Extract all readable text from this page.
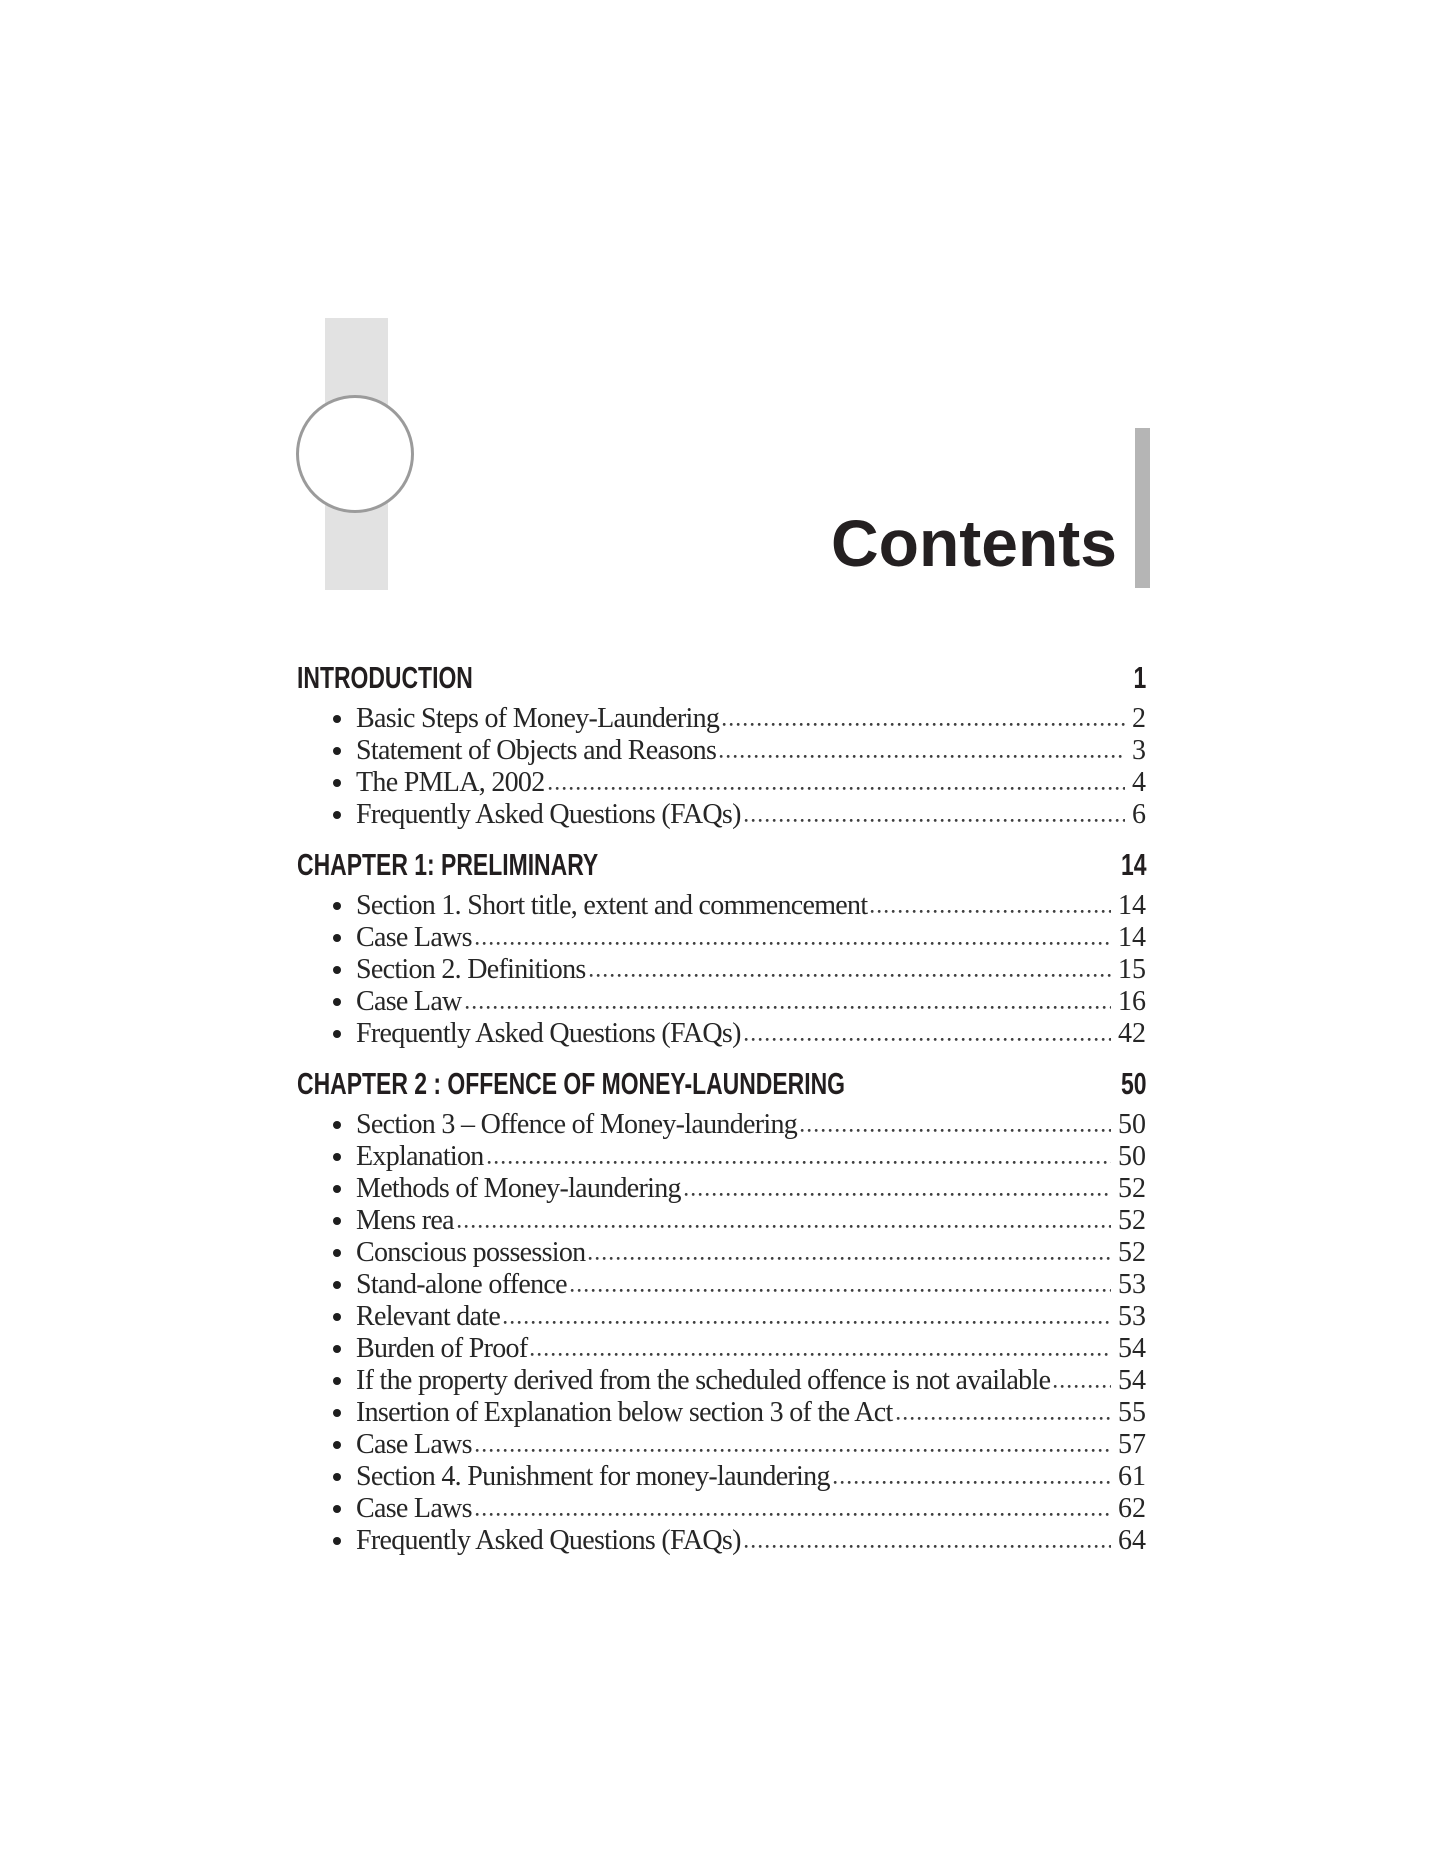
Contents
INTRODUCTION	1
Basic Steps of Money-Laundering	2
Statement of Objects and Reasons	3
The PMLA, 2002	4
Frequently Asked Questions (FAQs)	6
CHAPTER 1: PRELIMINARY	14
Section 1. Short title, extent and commencement	14
Case Laws	14
Section 2. Definitions	15
Case Law	16
Frequently Asked Questions (FAQs)	42
CHAPTER 2 : OFFENCE OF MONEY-LAUNDERING	50
Section 3 – Offence of Money-laundering	50
Explanation	50
Methods of Money-laundering	52
Mens rea	52
Conscious possession	52
Stand-alone offence	53
Relevant date	53
Burden of Proof	54
If the property derived from the scheduled offence is not available 54
Insertion of Explanation below section 3 of the Act	55
Case Laws	57
Section 4. Punishment for money-laundering	61
Case Laws	62
Frequently Asked Questions (FAQs)	64
